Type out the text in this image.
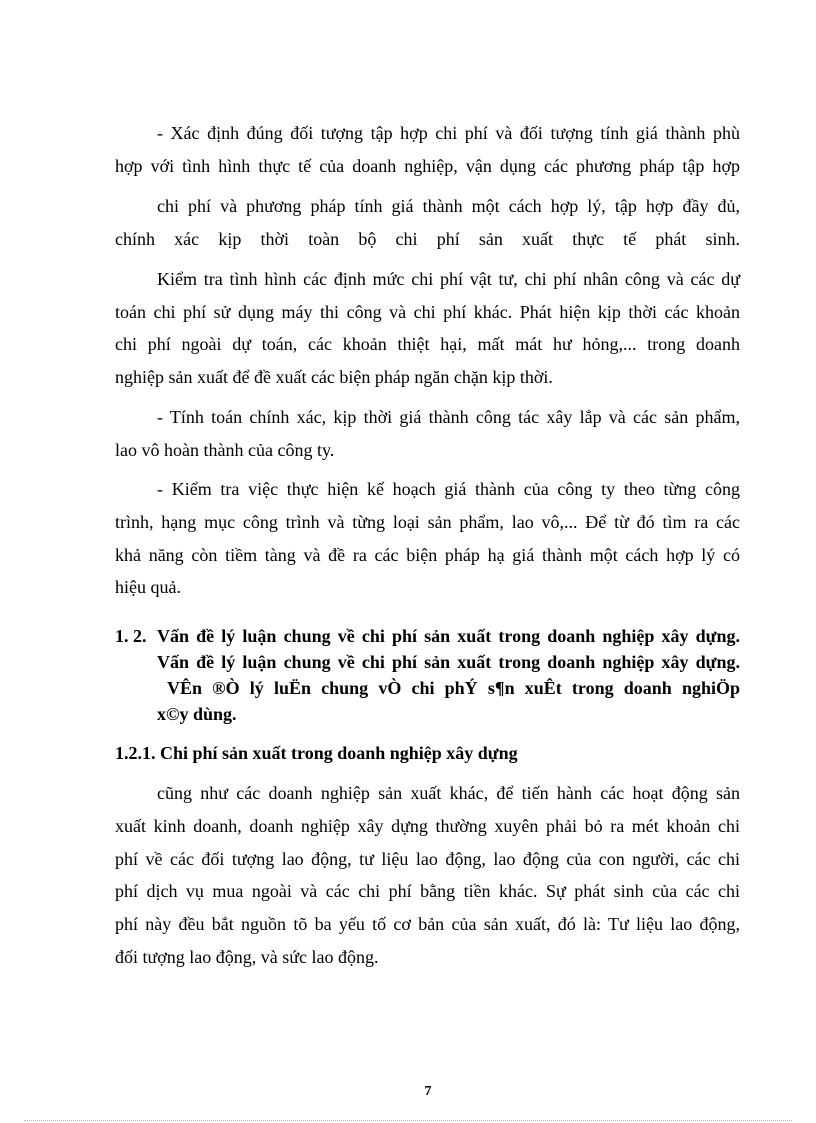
- Xác định đúng đối tượng tập hợp chi phí và đối tượng tính giá thành phù
hợp với tình hình thực tế của doanh nghiệp, vận dụng các phương pháp tập hợp
chi phí và phương pháp tính giá thành một cách hợp lý, tập hợp đầy đủ,
chính xác kịp thời toàn bộ chi phí sản xuất thực tế phát sinh.
Kiểm tra tình hình các định mức chi phí vật tư, chi phí nhân công và các dự
toán chi phí sử dụng máy thi công và chi phí khác. Phát hiện kịp thời các khoản
chi phí ngoài dự toán, các khoản thiệt hại, mất mát hư hỏng,... trong doanh
nghiệp sản xuất để đề xuất các biện pháp ngăn chặn kịp thời.
- Tính toán chính xác, kịp thời giá thành công tác xây lắp và các sản phẩm,
lao vô hoàn thành của công ty.
- Kiểm tra việc thực hiện kế hoạch giá thành của công ty theo từng công
trình, hạng mục công trình và từng loại sản phẩm, lao vô,... Để từ đó tìm ra các
khả năng còn tiềm tàng và đề ra các biện pháp hạ giá thành một cách hợp lý có
hiệu quả.
1. 2. Vấn đề lý luận chung về chi phí sản xuất trong doanh nghiệp xây dựng.
Vấn đề lý luận chung về chi phí sản xuất trong doanh nghiệp xây dựng.
VÊn ®Ò lý luËn chung vÒ chi phÝ s¶n xuÊt trong doanh nghiÖp
x©y dùng.
1.2.1. Chi phí sản xuất trong doanh nghiệp xây dựng
cũng như các doanh nghiệp sản xuất khác, để tiến hành các hoạt động sản
xuất kinh doanh, doanh nghiệp xây dựng thường xuyên phải bỏ ra mét khoản chi
phí về các đối tượng lao động, tư liệu lao động, lao động của con người, các chi
phí dịch vụ mua ngoài và các chi phí bằng tiền khác. Sự phát sinh của các chi
phí này đều bắt nguồn tõ ba yếu tố cơ bản của sản xuất, đó là: Tư liệu lao động,
đối tượng lao động, và sức lao động.
7
